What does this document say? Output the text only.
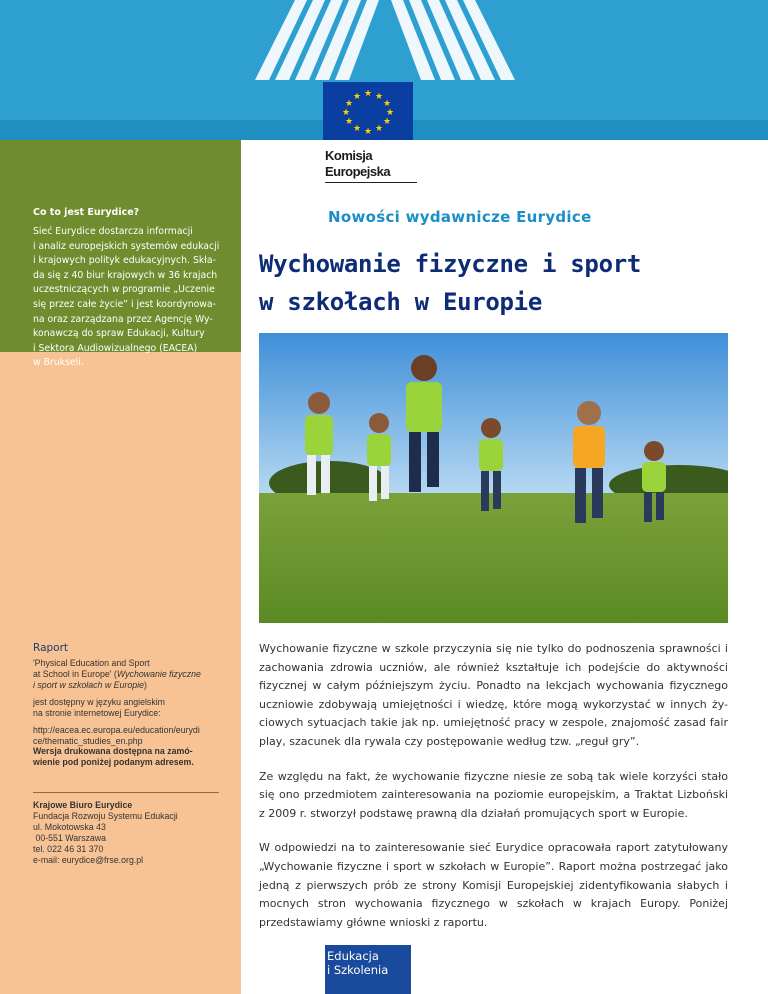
★ ★
★
★
★
★
★
★
★
★
★
★
Komisja
Europejska
Co to jest Eurydice?
Sieć Eurydice dostarcza informacji
i analiz europejskich systemów edukacji
i krajowych polityk edukacyjnych. Skła-
da się z 40 biur krajowych w 36 krajach
uczestniczących w programie „Uczenie
się przez całe życie” i jest koordynowa-
na oraz zarządzana przez Agencję Wy-
konawczą do spraw Edukacji, Kultury
i Sektora Audiowizualnego (EACEA)
w Brukseli.
Raport

'Physical Education and Sport
at School in Europe' (Wychowanie fizyczne
i sport w szkołach w Europie)

jest dostępny w języku angielskim
na stronie internetowej Eurydice:

http://eacea.ec.europa.eu/education/eurydi
ce/thematic_studies_en.php

Wersja drukowana dostępna na zamó-
wienie pod poniżej podanym adresem.
Krajowe Biuro Eurydice
Fundacja Rozwoju Systemu Edukacji
ul. Mokotowska 43
00-551 Warszawa
tel. 022 46 31 370
e-mail: eurydice@frse.org.pl
Nowości wydawnicze Eurydice
Wychowanie fizyczne i sport
w szkołach w Europie

Wychowanie fizyczne w szkole przyczynia się nie tylko do podnoszenia sprawności i zachowania zdrowia uczniów, ale również kształtuje ich podejście do aktywności fizycznej w całym późniejszym życiu. Ponadto na lekcjach wychowania fizycznego uczniowie zdobywają umiejętności i wiedzę, które mogą wykorzystać w innych ży-ciowych sytuacjach takie jak np. umiejętność pracy w zespole, znajomość zasad fair play, szacunek dla rywala czy postępowanie według tzw. „reguł gry”.

Ze względu na fakt, że wychowanie fizyczne niesie ze sobą tak wiele korzyści stało się ono przedmiotem zainteresowania na poziomie europejskim, a Traktat Lizboński z 2009 r. stworzył podstawę prawną dla działań promujących sport w Europie.

W odpowiedzi na to zainteresowanie sieć Eurydice opracowała raport zatytułowany „Wychowanie fizyczne i sport w szkołach w Europie”. Raport można postrzegać jako jedną z pierwszych prób ze strony Komisji Europejskiej zidentyfikowania słabych i mocnych stron wychowania fizycznego w szkołach w krajach Europy. Poniżej przedstawiamy główne wnioski z raportu.

Edukacja
i Szkolenia
